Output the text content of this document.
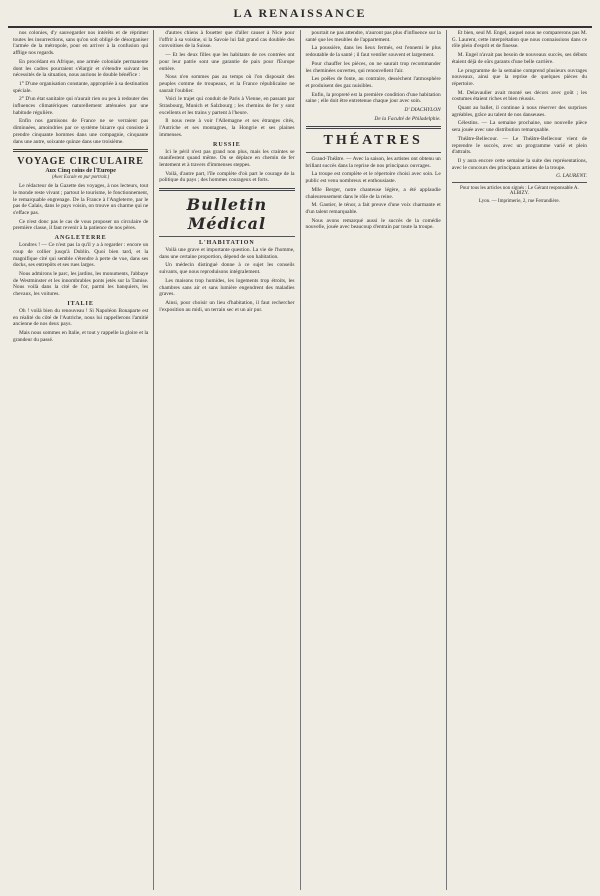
LA RENAISSANCE

nos colonies, d'y sauvegarder nos intérêts et de réprimer toutes les insurrections, sans qu'on soit obligé de désorganiser l'armée de la métropole, pour en arriver à la confusion qui afflige nos regards.

En procédant en Afrique, une armée coloniale permanente dont les cadres pourraient s'élargir et s'étendre suivant les nécessités de la situation, nous aurions le double bénéfice :

1° D'une organisation constante, appropriée à sa destination spéciale.

2° D'un état sanitaire qui n'aurait rien ou peu à redouter des influences climatériques naturellement atténuées par une habitude régulière.

Enfin nos garnisons de France ne se verraient pas diminuées, amoindries par ce système bizarre qui consiste à prendre cinquante hommes dans une compagnie, cinquante dans une autre, soixante quinze dans une troisième.

VOYAGE CIRCULAIRE
Aux Cinq coins de l'Europe
(Avec Escale en pur portrait.)

Le rédacteur de la Gazette des voyages, à nos lecteurs, tout le monde reste vivant ; partout le tourisme, le fonctionnement, le remarquable engrenage. De la France à l'Angleterre, par le pas de Calais, dans le pays voisin, on trouve un charme qui ne s'efface pas.

Ce n'est donc pas le cas de vous proposer un circulaire de première classe, il faut revenir à la patience de nos pères.

ANGLETERRE

Londres ! — Ce n'est pas la qu'il y a à regarder : encore un coup de collier jusqu'à Dublin. Quoi bien tard, et la magnifique cité qui semble s'étendre à perte de vue, dans ses docks, ses entrepôts et ses rues larges.

Nous admirons le parc, les jardins, les monuments, l'abbaye de Westminster et les innombrables ponts jetés sur la Tamise. Nous voilà dans la cité de l'or, parmi les banquiers, les chevaux, les voitures.

ITALIE

Oh ! voilà bien du renouveau ! Si Napoléon Bonaparte est en réalité du côté de l'Autriche, nous lui rappellerons l'amitié ancienne de nos deux pays.

Mais nous sommes en Italie, et tout y rappelle la gloire et la grandeur du passé.

d'autres chiens à fouetter que d'aller causer à Nice pour l'offrir à sa voisine, si la Savoie lui fait grand cas doublée des convoitises de la Suisse.

— Et les deux filles que les habitants de ces contrées ont pour leur patrie sont une garantie de paix pour l'Europe entière.

Nous n'en sommes pas au temps où l'on disposait des peuples comme de troupeaux, et la France républicaine ne saurait l'oublier.

Voici le trajet qui conduit de Paris à Vienne, en passant par Strasbourg, Munich et Salzbourg ; les chemins de fer y sont excellents et les trains y partent à l'heure.

Il nous reste à voir l'Allemagne et ses étranges cités, l'Autriche et ses montagnes, la Hongrie et ses plaines immenses.

RUSSIE

Ici le péril n'est pas grand non plus, mais les craintes se manifestent quand même. On se déplace en chemin de fer lentement et à travers d'immenses steppes.

Voilà, d'autre part, l'île complète d'où part le courage de la politique du pays ; des hommes courageux et forts.

Bulletin Médical
L'HABITATION

Voilà une grave et importante question. La vie de l'homme, dans une certaine proportion, dépend de son habitation.

Un médecin distingué donne à ce sujet les conseils suivants, que nous reproduisons intégralement.

Les maisons trop humides, les logements trop étroits, les chambres sans air et sans lumière engendrent des maladies graves.

Ainsi, pour choisir un lieu d'habitation, il faut rechercher l'exposition au midi, un terrain sec et un air pur.

pourrait ne pas attendre, n'auront pas plus d'influence sur la santé que les meubles de l'appartement.

La poussière, dans les lieux fermés, est l'ennemi le plus redoutable de la santé ; il faut ventiler souvent et largement.

Pour chauffer les pièces, on ne saurait trop recommander les cheminées ouvertes, qui renouvellent l'air.

Les poêles de fonte, au contraire, dessèchent l'atmosphère et produisent des gaz nuisibles.

Enfin, la propreté est la première condition d'une habitation saine ; elle doit être entretenue chaque jour avec soin.

D' DIACHYLON
De la Faculté de Philadelphie.
THÉATRES

Grand-Théâtre. — Avec la saison, les artistes ont obtenu un brillant succès dans la reprise de nos principaux ouvrages.

La troupe est complète et le répertoire choisi avec soin. Le public est venu nombreux et enthousiaste.

Mlle Berger, notre chanteuse légère, a été applaudie chaleureusement dans le rôle de la reine.

M. Gautier, le ténor, a fait preuve d'une voix charmante et d'un talent remarquable.

Nous avons remarqué aussi le succès de la comédie nouvelle, jouée avec beaucoup d'entrain par toute la troupe.

Et bien, seul M. Engel, auquel nous ne comparerons pas M. G. Laurent, cette interprétation que nous connaissions dans ce rôle plein d'esprit et de finesse.

M. Engel n'avait pas besoin de nouveaux succès, ses débuts étaient déjà de sûrs garants d'une belle carrière.

Le programme de la semaine comprend plusieurs ouvrages nouveaux, ainsi que la reprise de quelques pièces du répertoire.

M. Delavaulier avait monté ses décors avec goût ; les costumes étaient riches et bien réussis.

Quant au ballet, il continue à nous réserver des surprises agréables, grâce au talent de nos danseuses.

Célestins. — La semaine prochaine, une nouvelle pièce sera jouée avec une distribution remarquable.

Théâtre-Bellecour. — Le Théâtre-Bellecour vient de reprendre le succès, avec un programme varié et plein d'attraits.

Il y aura encore cette semaine la suite des représentations, avec le concours des principaux artistes de la troupe.

G. LAURENT.
Pour tous les articles non signés : Le Gérant responsable A. ALBIZY.
Lyon. — Imprimerie, 2, rue Ferrandière.
